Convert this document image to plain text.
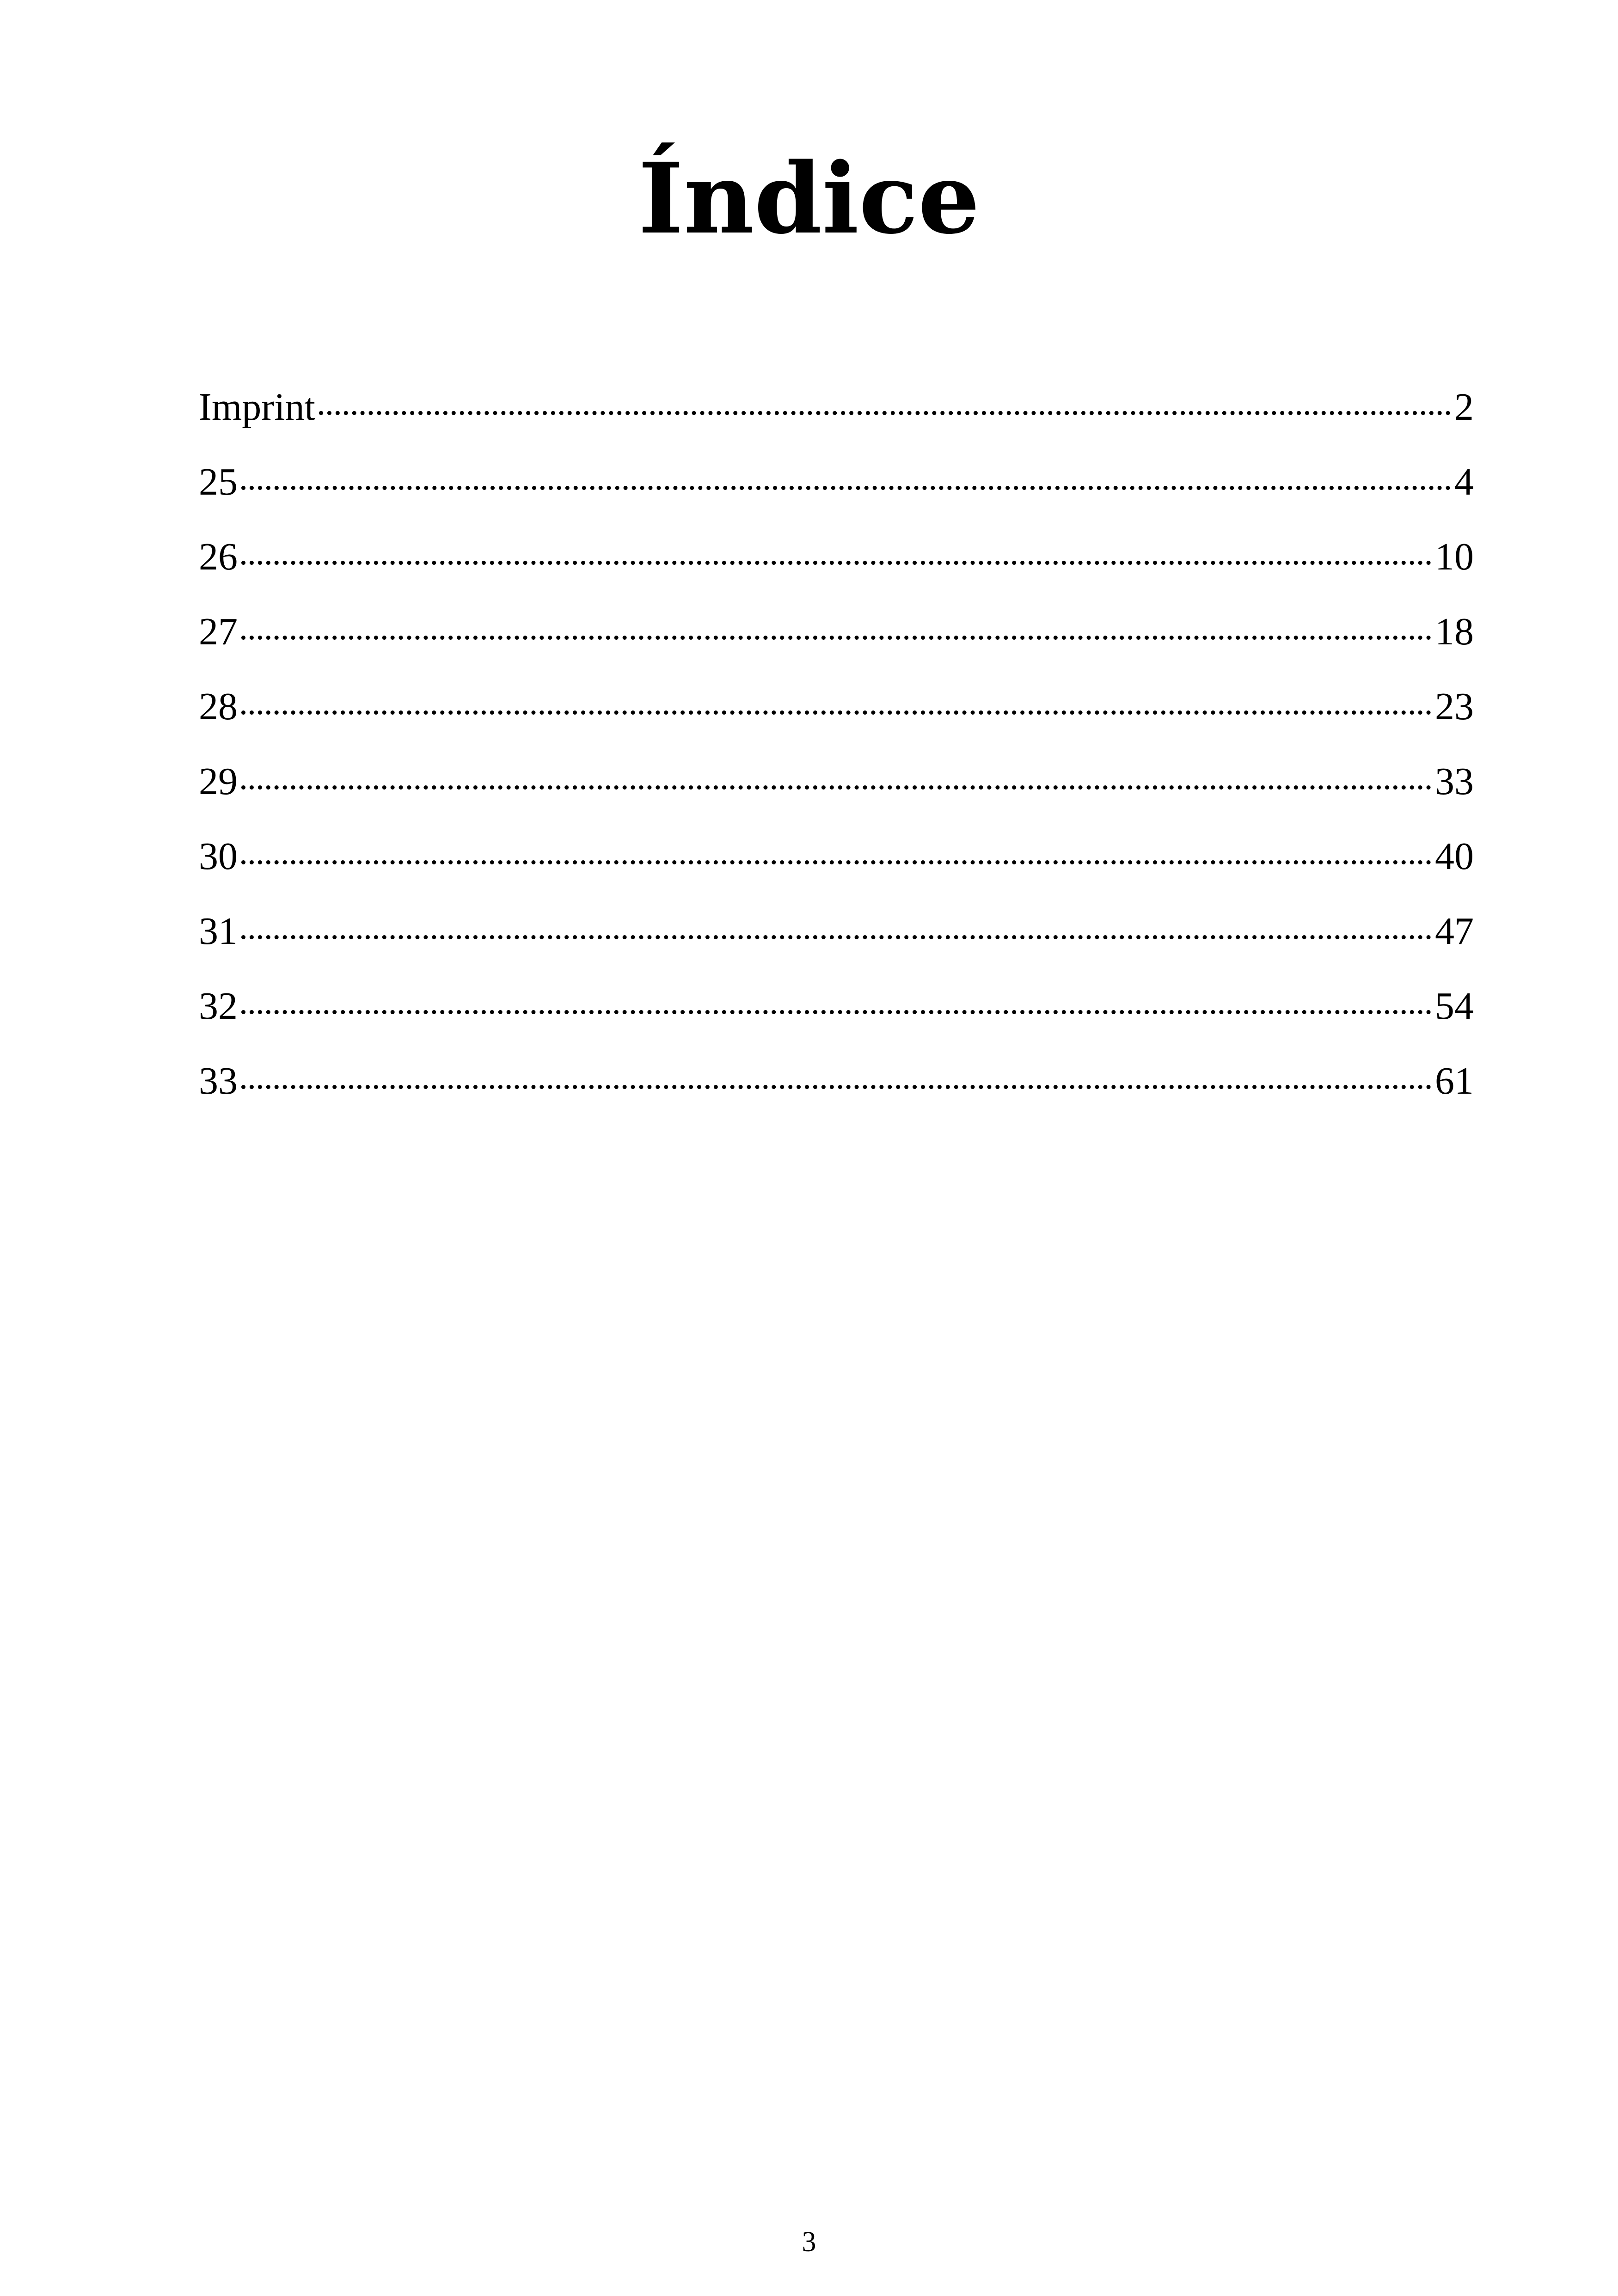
Índice
Imprint	2
25	4
26	10
27	18
28	23
29	33
30	40
31	47
32	54
33	61
3
